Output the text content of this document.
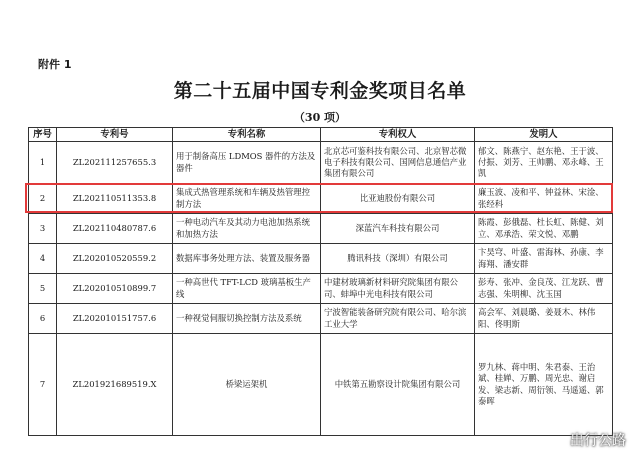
附件 1
第二十五届中国专利金奖项目名单
（30 项）
序号	专利号	专利名称	专利权人	发明人
1	ZL202111257655.3	用于制备高压 LDMOS 器件的方法及器件	北京芯可鉴科技有限公司、北京智芯微电子科技有限公司、国网信息通信产业集团有限公司	郁文、陈燕宁、赵东艳、王于波、付振、刘芳、王帅鹏、邓永峰、王凯
2	ZL202110511353.8	集成式热管理系统和车辆及热管理控制方法	比亚迪股份有限公司	廉玉波、凌和平、钟益林、宋淦、张经科
3	ZL202110480787.6	一种电动汽车及其动力电池加热系统和加热方法	深蓝汽车科技有限公司	陈霞、彭俄磊、杜长虹、陈健、刘立、邓承浩、荣文悦、邓鹏
4	ZL202010520559.2	数据库事务处理方法、装置及服务器	腾讯科技（深圳）有限公司	卞昊穹、叶盛、雷海林、孙康、李海翔、潘安群
5	ZL202010510899.7	一种高世代 TFT-LCD 玻璃基板生产线	中建材玻璃新材料研究院集团有限公司、蚌埠中光电科技有限公司	彭寿、张冲、金良茂、江龙跃、曹志强、朱明柳、沈玉国
6	ZL202010151757.6	一种视觉伺服切换控制方法及系统	宁波智能装备研究院有限公司、哈尔滨工业大学	高会军、刘晨璐、姜聂木、林伟阳、佟明斯
7	ZL201921689519.X	桥梁运架机	中铁第五勘察设计院集团有限公司	罗九林、蒋中明、朱君泰、王治斌、桂婵、万鹏、周光忠、谢启发、梁志新、周衍领、马遥遥、郭泰晖
出行公路
